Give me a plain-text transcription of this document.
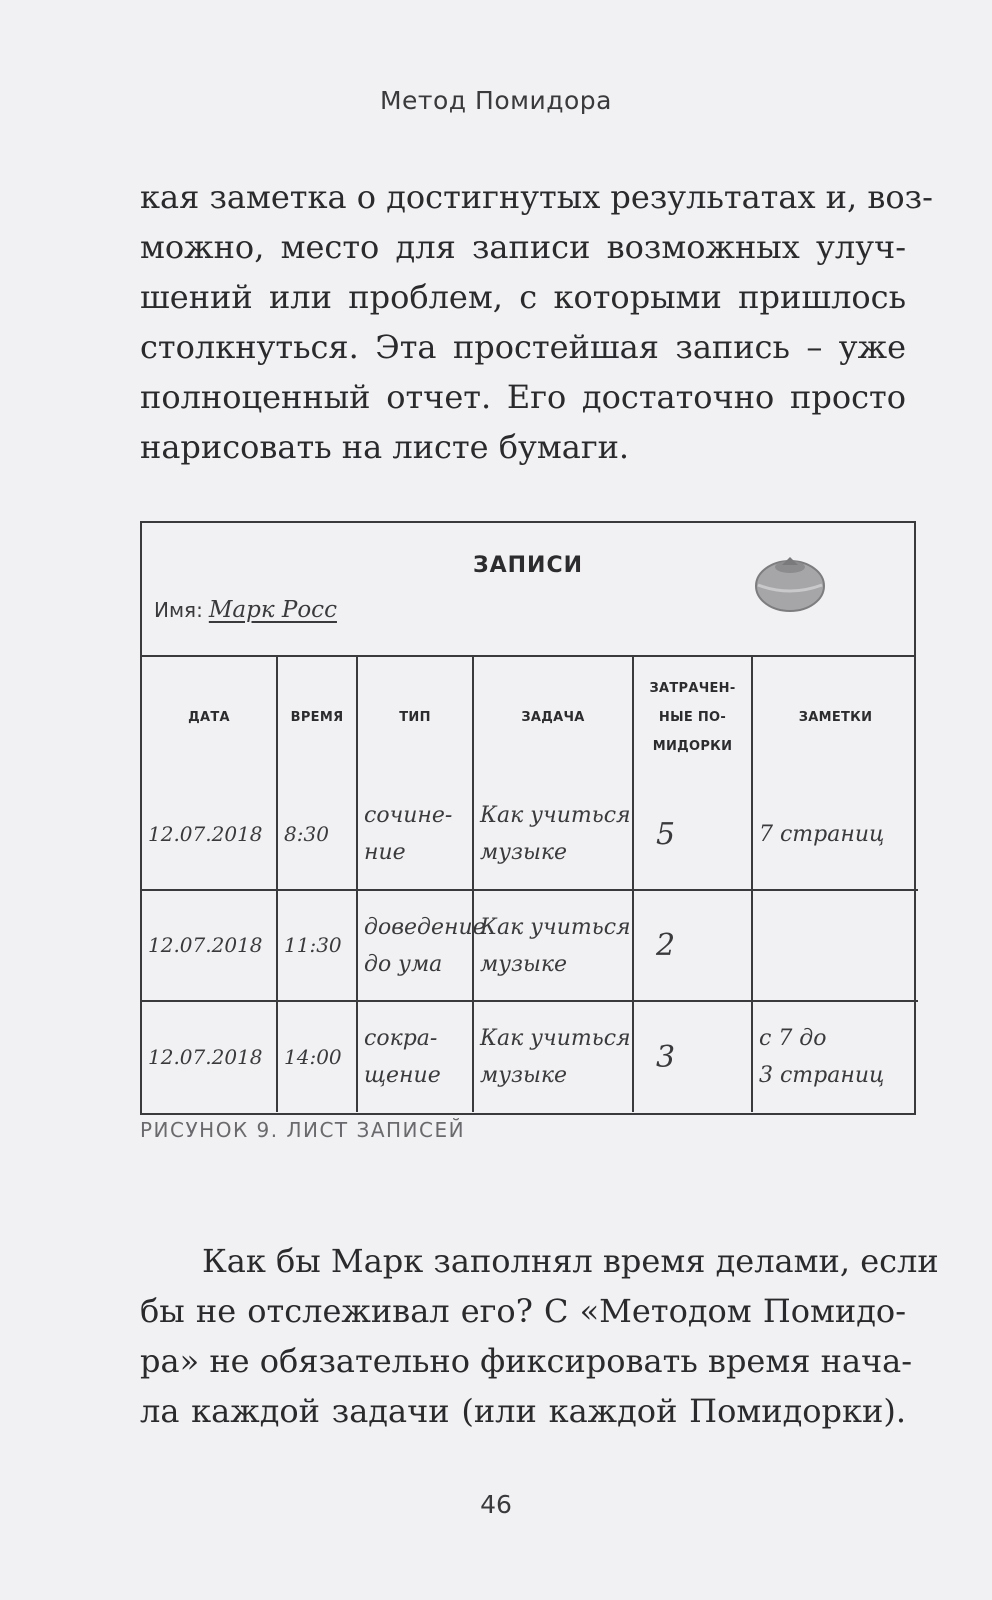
Метод Помидора

кая заметка о достигнутых результатах и, воз-
можно, место для записи возможных улуч-
шений или проблем, с которыми пришлось
столкнуться. Эта простейшая запись – уже
полноценный отчет. Его достаточно просто
нарисовать на листе бумаги.

ЗАПИСИ
Имя: Марк Росс
ДАТА	ВРЕМЯ	ТИП	ЗАДАЧА	ЗАТРАЧЕН-
НЫЕ ПО-
МИДОРКИ	ЗАМЕТКИ

12.07.2018	8:30	сочине-
ние	Как учиться
музыке	5	7 страниц

12.07.2018	11:30	доведение
до ума	Как учиться
музыке	2	
12.07.2018	14:00	сокра-
щение	Как учиться
музыке	3	с 7 до
3 страниц
РИСУНОК 9. ЛИСТ ЗАПИСЕЙ

Как бы Марк заполнял время делами, если
бы не отслеживал его? С «Методом Помидо-
ра» не обязательно фиксировать время нача-
ла каждой задачи (или каждой Помидорки).

46
